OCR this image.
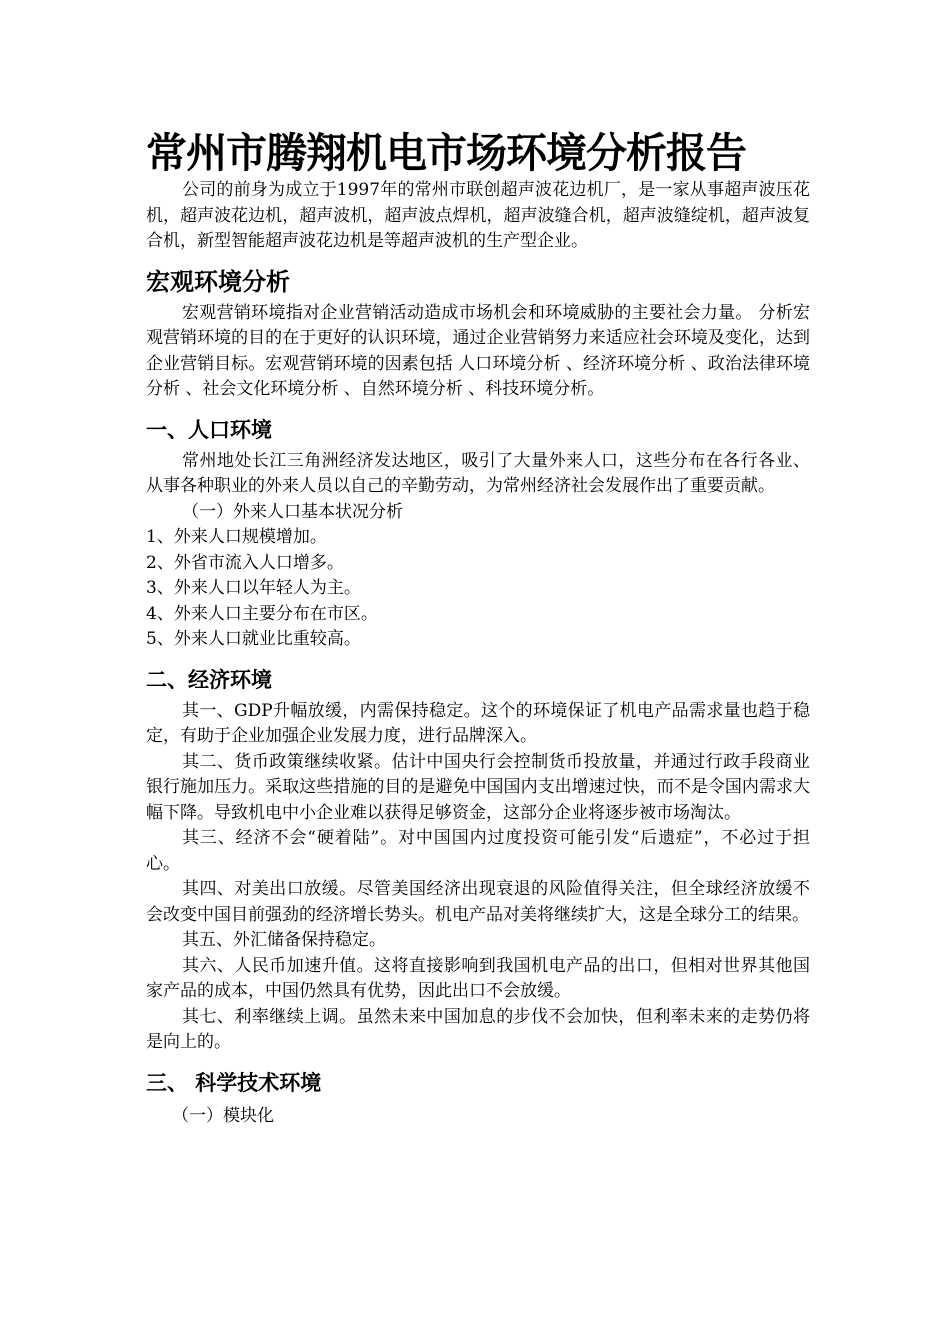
常州市腾翔机电市场环境分析报告

公司的前身为成立于1997年的常州市联创超声波花边机厂，是一家从事超声波压花机，超声波花边机，超声波机，超声波点焊机，超声波缝合机，超声波缝绽机，超声波复合机，新型智能超声波花边机是等超声波机的生产型企业。

宏观环境分析

宏观营销环境指对企业营销活动造成市场机会和环境威胁的主要社会力量。 分析宏观营销环境的目的在于更好的认识环境，通过企业营销努力来适应社会环境及变化，达到企业营销目标。宏观营销环境的因素包括 人口环境分析 、经济环境分析 、政治法律环境分析 、社会文化环境分析 、自然环境分析 、科技环境分析。

一、人口环境

常州地处长江三角洲经济发达地区，吸引了大量外来人口，这些分布在各行各业、从事各种职业的外来人员以自己的辛勤劳动，为常州经济社会发展作出了重要贡献。

（一）外来人口基本状况分析

1、外来人口规模增加。

2、外省市流入人口增多。

3、外来人口以年轻人为主。

4、外来人口主要分布在市区。

5、外来人口就业比重较高。

二、经济环境

其一、GDP升幅放缓，内需保持稳定。这个的环境保证了机电产品需求量也趋于稳定，有助于企业加强企业发展力度，进行品牌深入。

其二、货币政策继续收紧。估计中国央行会控制货币投放量，并通过行政手段商业银行施加压力。采取这些措施的目的是避免中国国内支出增速过快，而不是令国内需求大幅下降。导致机电中小企业难以获得足够资金，这部分企业将逐步被市场淘汰。

其三、经济不会“硬着陆”。对中国国内过度投资可能引发“后遗症”，不必过于担心。

其四、对美出口放缓。尽管美国经济出现衰退的风险值得关注，但全球经济放缓不会改变中国目前强劲的经济增长势头。机电产品对美将继续扩大，这是全球分工的结果。

其五、外汇储备保持稳定。

其六、人民币加速升值。这将直接影响到我国机电产品的出口，但相对世界其他国家产品的成本，中国仍然具有优势，因此出口不会放缓。

其七、利率继续上调。虽然未来中国加息的步伐不会加快，但利率未来的走势仍将是向上的。

三、 科学技术环境

（一）模块化
